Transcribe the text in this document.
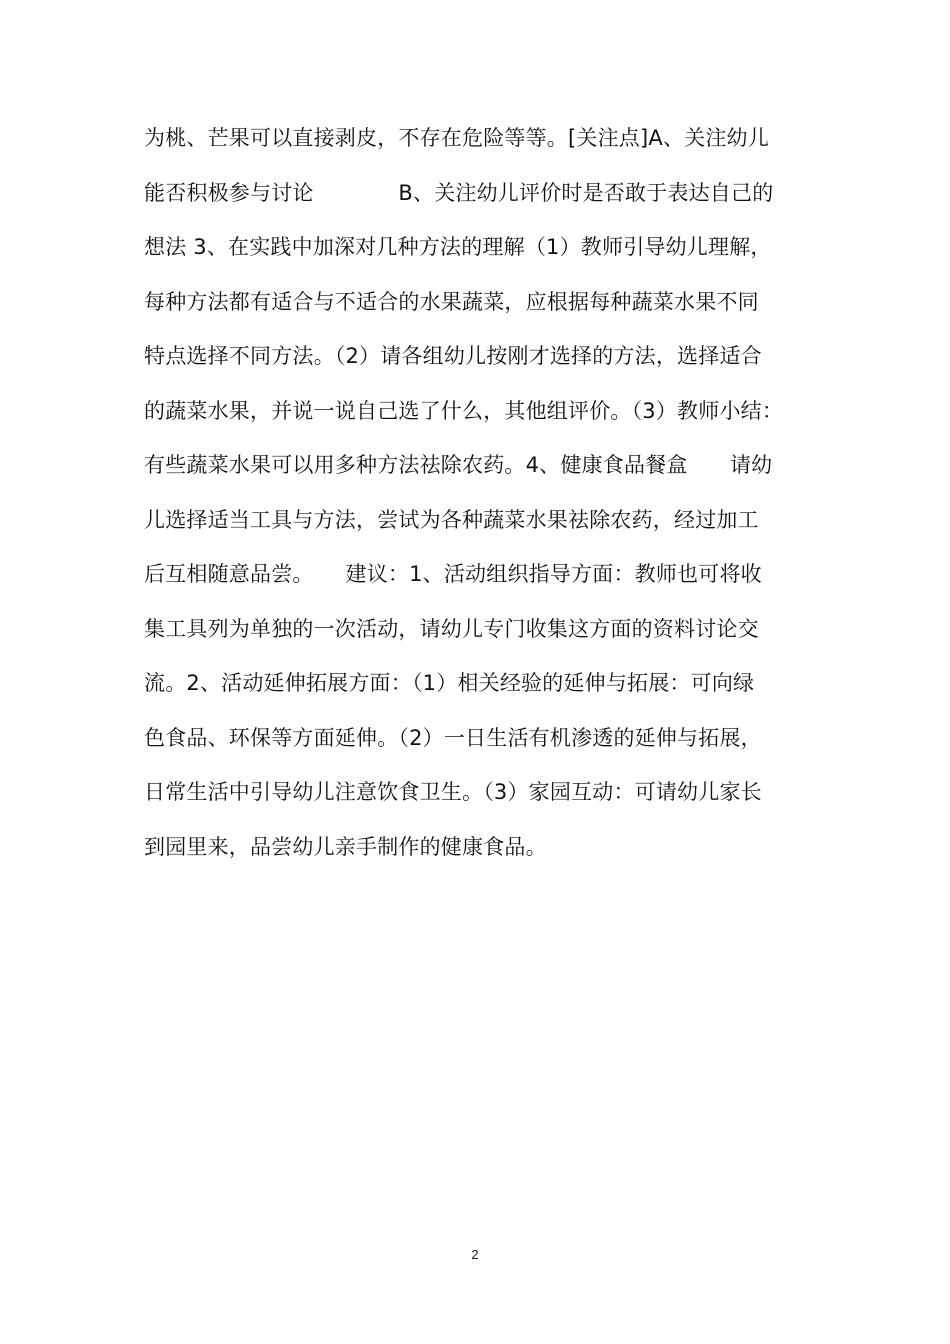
为桃、芒果可以直接剥皮，不存在危险等等。[关注点]A、关注幼儿
能否积极参与讨论　　　　B、关注幼儿评价时是否敢于表达自己的
想法 3、在实践中加深对几种方法的理解（1）教师引导幼儿理解，
每种方法都有适合与不适合的水果蔬菜，应根据每种蔬菜水果不同
特点选择不同方法。（2）请各组幼儿按刚才选择的方法，选择适合
的蔬菜水果，并说一说自己选了什么，其他组评价。（3）教师小结：
有些蔬菜水果可以用多种方法祛除农药。4、健康食品餐盒　　请幼
儿选择适当工具与方法，尝试为各种蔬菜水果祛除农药，经过加工
后互相随意品尝。　　建议：1、活动组织指导方面：教师也可将收
集工具列为单独的一次活动，请幼儿专门收集这方面的资料讨论交
流。2、活动延伸拓展方面：（1）相关经验的延伸与拓展：可向绿
色食品、环保等方面延伸。（2）一日生活有机渗透的延伸与拓展，
日常生活中引导幼儿注意饮食卫生。（3）家园互动：可请幼儿家长
到园里来，品尝幼儿亲手制作的健康食品。
2
